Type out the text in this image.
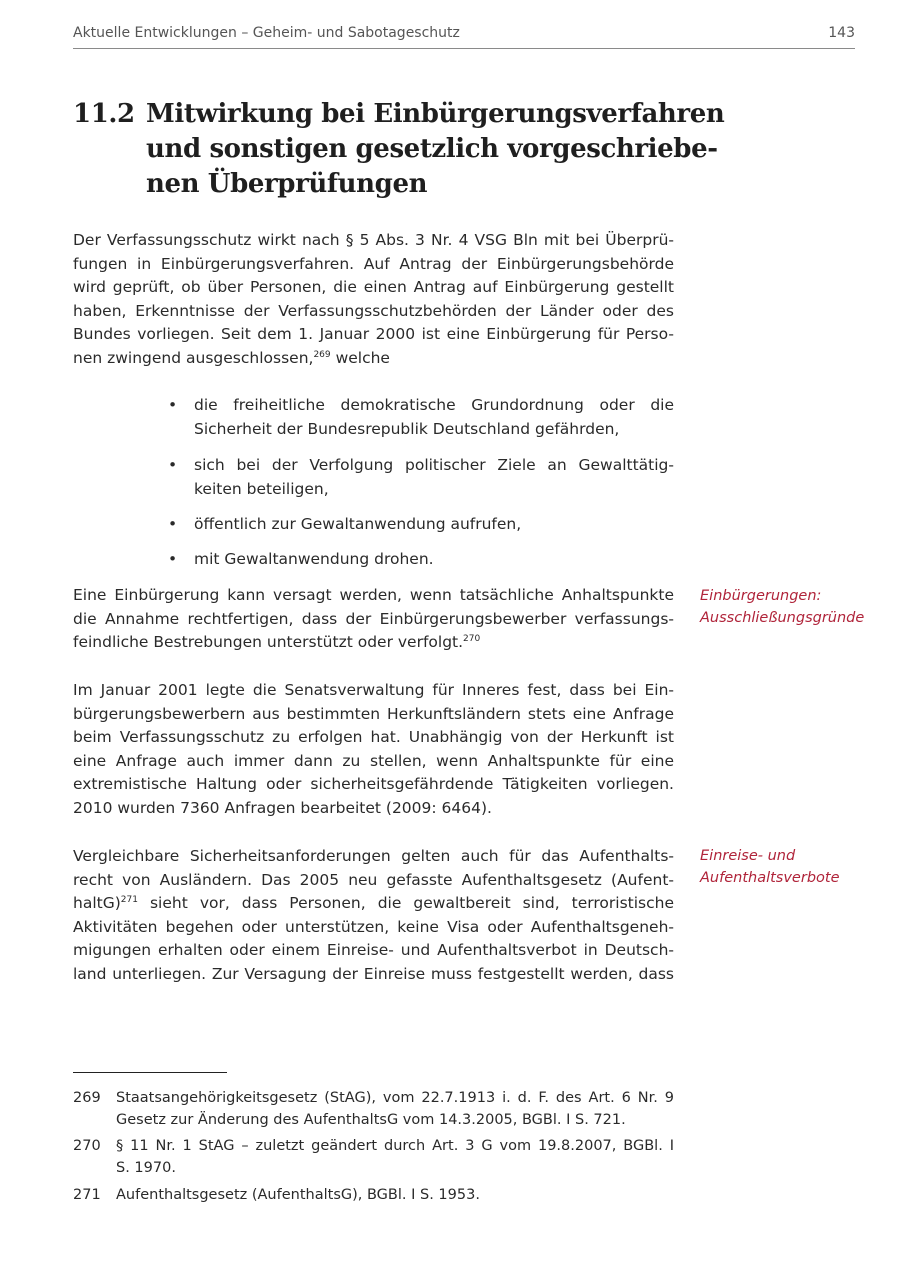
Aktuelle Entwicklungen – Geheim- und Sabotageschutz	143
11.2 Mitwirkung bei Einbürgerungsverfahren
und sonstigen gesetzlich vorgeschriebe-
nen Überprüfungen
Der Verfassungsschutz wirkt nach § 5 Abs. 3 Nr. 4 VSG Bln mit bei Überprü-
fungen in Einbürgerungsverfahren. Auf Antrag der Einbürgerungsbehörde
wird geprüft, ob über Personen, die einen Antrag auf Einbürgerung gestellt
haben, Erkenntnisse der Verfassungsschutzbehörden der Länder oder des
Bundes vorliegen. Seit dem 1. Januar 2000 ist eine Einbürgerung für Perso-
nen zwingend ausgeschlossen,$^{269}$ welche
• die freiheitliche demokratische Grundordnung oder die
Sicherheit der Bundesrepublik Deutschland gefährden,
• sich bei der Verfolgung politischer Ziele an Gewalttätig-
keiten beteiligen,
• öffentlich zur Gewaltanwendung aufrufen,
• mit Gewaltanwendung drohen.
Eine Einbürgerung kann versagt werden, wenn tatsächliche Anhaltspunkte
die Annahme rechtfertigen, dass der Einbürgerungsbewerber verfassungs-
feindliche Bestrebungen unterstützt oder verfolgt.$^{270}$
Einbürgerungen:
Ausschließungsgründe
Im Januar 2001 legte die Senatsverwaltung für Inneres fest, dass bei Ein-
bürgerungsbewerbern aus bestimmten Herkunftsländern stets eine Anfrage
beim Verfassungsschutz zu erfolgen hat. Unabhängig von der Herkunft ist
eine Anfrage auch immer dann zu stellen, wenn Anhaltspunkte für eine
extremistische Haltung oder sicherheitsgefährdende Tätigkeiten vorliegen.
2010 wurden 7360 Anfragen bearbeitet (2009: 6464).
Vergleichbare Sicherheitsanforderungen gelten auch für das Aufenthalts-
recht von Ausländern. Das 2005 neu gefasste Aufenthaltsgesetz (Aufent-
haltG)$^{271}$ sieht vor, dass Personen, die gewaltbereit sind, terroristische
Aktivitäten begehen oder unterstützen, keine Visa oder Aufenthaltsgeneh-
migungen erhalten oder einem Einreise- und Aufenthaltsverbot in Deutsch-
land unterliegen. Zur Versagung der Einreise muss festgestellt werden, dass
Einreise- und
Aufenthaltsverbote
269 Staatsangehörigkeitsgesetz (StAG), vom 22.7.1913 i. d. F. des Art. 6 Nr. 9
Gesetz zur Änderung des AufenthaltsG vom 14.3.2005, BGBl. I S. 721.
270 § 11 Nr. 1 StAG – zuletzt geändert durch Art. 3 G vom 19.8.2007, BGBl. I
S. 1970.
271 Aufenthaltsgesetz (AufenthaltsG), BGBl. I S. 1953.
